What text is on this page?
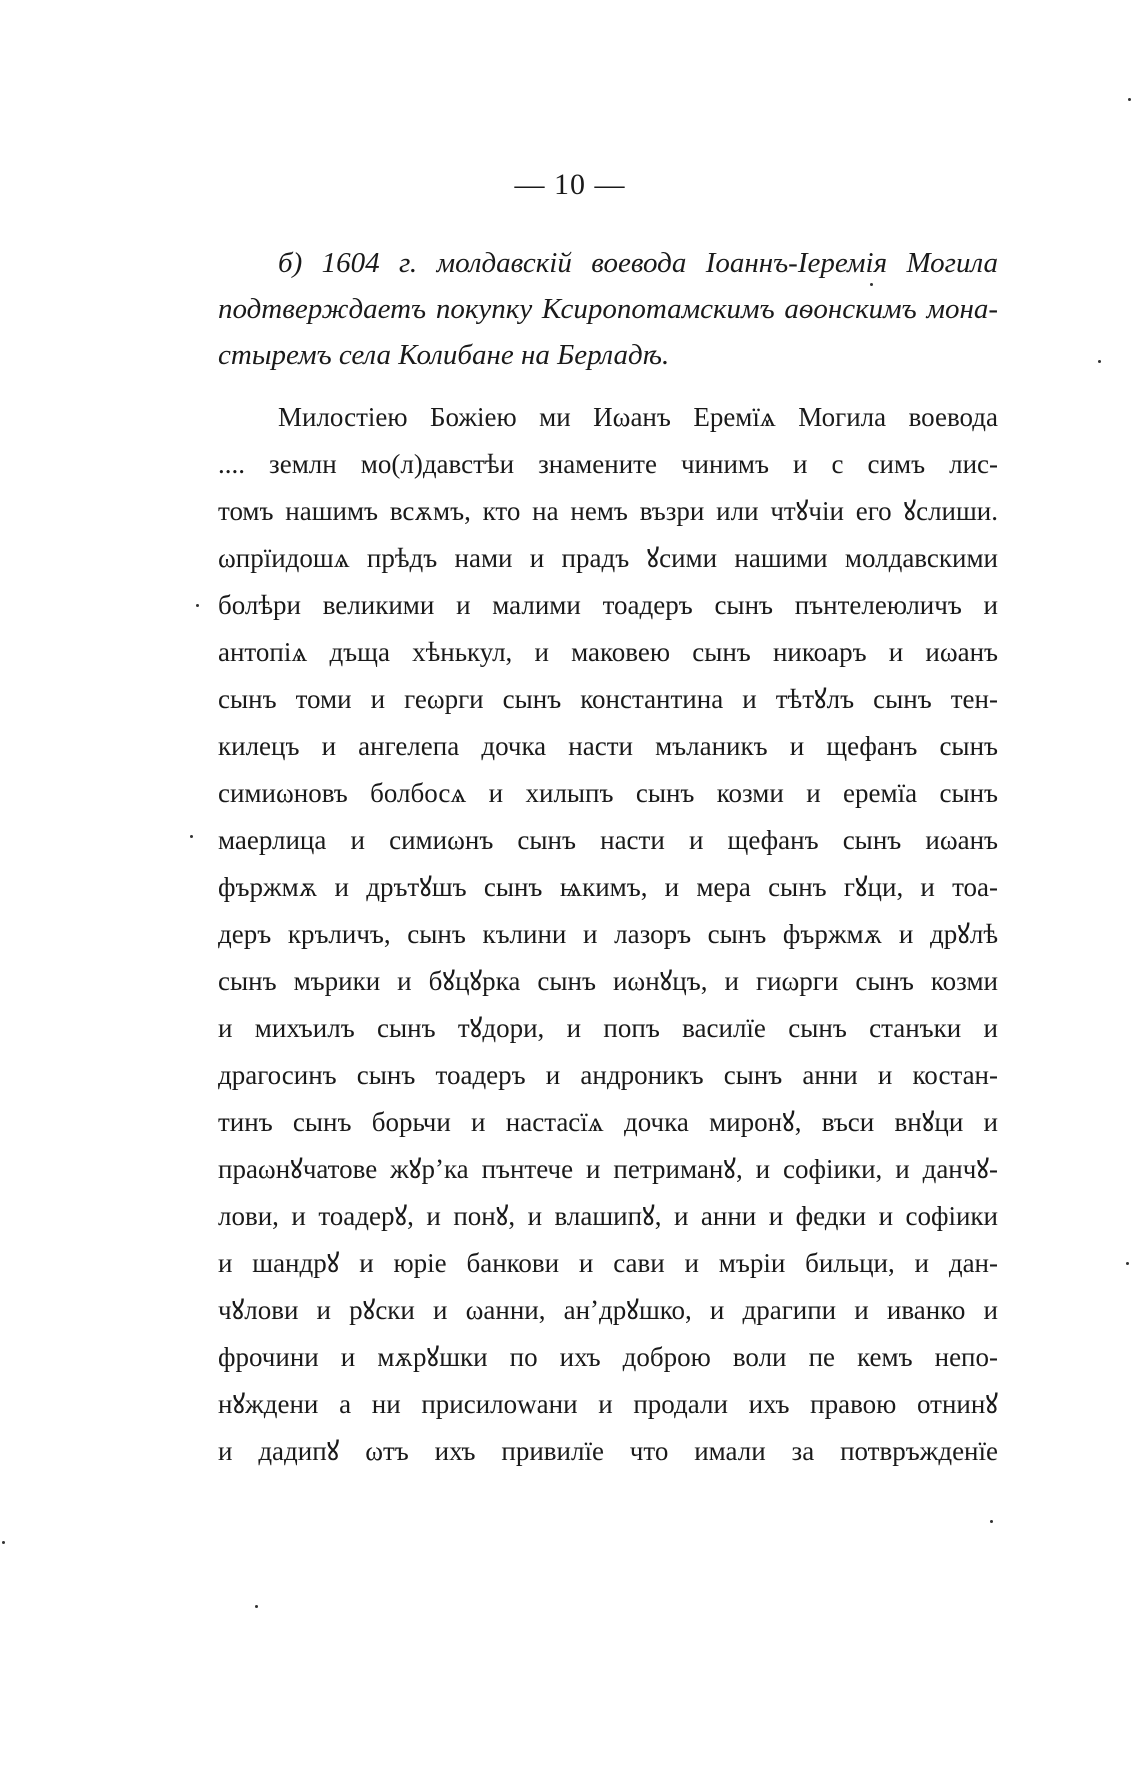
— 10 —
б) 1604 г. молдавскій воевода Іоаннъ-Іеремія Могила
подтверждаетъ покупку Ксиропотамскимъ аѳонскимъ мона-
стыремъ села Колибане на Берладѣ.
Милостіею Божіею ми Иωанъ Еремїѧ Могила воевода
.... землн мо(л)давстѣи знамените чинимъ и с симъ лис-
томъ нашимъ всѫмъ, кто на немъ възри или чтꙋчіи его ꙋслиши.
ωпрїидошѧ прѣдъ нами и прадъ ꙋсими нашими молдавскими
болѣри великими и малими тоадеръ сынъ пънтелеюличъ и
антопіѧ дъща хѣнькул, и маковею сынъ никоаръ и иωанъ
сынъ томи и геωрги сынъ константина и тѣтꙋлъ сынъ тен-
килецъ и ангелепа дочка насти мъланикъ и щефанъ сынъ
симиωновъ болбосѧ и хилыпъ сынъ козми и еремїа сынъ
маерлица и симиωнъ сынъ насти и щефанъ сынъ иωанъ
фържмѫ и дрътꙋшъ сынъ ѩкимъ, и мера сынъ гꙋци, и тоа-
деръ кръличъ, сынъ кълини и лазоръ сынъ фържмѫ и дрꙋлѣ
сынъ мърики и бꙋцꙋрка сынъ иωнꙋцъ, и гиωрги сынъ козми
и михъилъ сынъ тꙋдори, и попъ василїе сынъ станъки и
драгосинъ сынъ тоадеръ и андроникъ сынъ анни и костан-
тинъ сынъ борьчи и настасїѧ дочка миронꙋ, въси внꙋци и
праωнꙋчатове жꙋрʼка пънтече и петриманꙋ, и софіики, и данчꙋ-
лови, и тоадерꙋ, и понꙋ, и влашипꙋ, и анни и федки и софіики
и шандрꙋ и юріе банкови и сави и мъріи бильци, и дан-
чꙋлови и рꙋски и ωанни, анʼдрꙋшко, и драгипи и иванко и
фрочини и мѫрꙋшки по ихъ доброю воли пе кемъ непо-
нꙋждени а ни присилowани и продали ихъ правою отнинꙋ
и дадипꙋ ωтъ ихъ привилїе что имали за потвръжденїе
